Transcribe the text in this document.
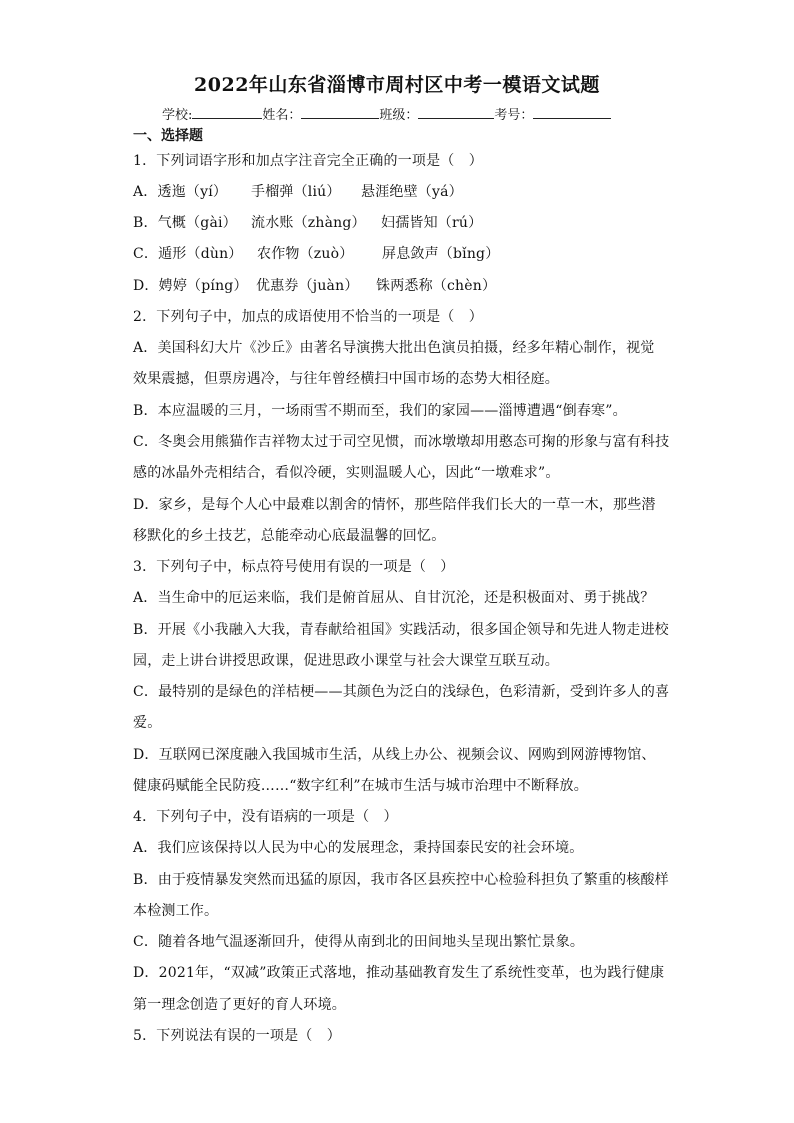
2022年山东省淄博市周村区中考一模语文试题
学校:	姓名：	班级：	考号：
一、选择题
1．下列词语字形和加点字注音完全正确的一项是（　）
A．透迤（yí） 手榴弹（liú） 悬涯绝壁（yá）
B．气概（gài） 流水账（zhàng） 妇孺皆知（rú）
C．遁形（dùn） 农作物（zuò） 屏息敛声（bǐng）
D．娉婷（píng） 优惠券（juàn） 铢两悉称（chèn）
2．下列句子中，加点的成语使用不恰当的一项是（　）
A．美国科幻大片《沙丘》由著名导演携大批出色演员拍摄，经多年精心制作，视觉
效果震撼，但票房遇冷，与往年曾经横扫中国市场的态势大相径庭。
B．本应温暖的三月，一场雨雪不期而至，我们的家园——淄博遭遇“倒春寒”。
C．冬奥会用熊猫作吉祥物太过于司空见惯，而冰墩墩却用憨态可掬的形象与富有科技
感的冰晶外壳相结合，看似冷硬，实则温暖人心，因此“一墩难求”。
D．家乡，是每个人心中最难以割舍的情怀，那些陪伴我们长大的一草一木，那些潜
移默化的乡土技艺，总能牵动心底最温馨的回忆。
3．下列句子中，标点符号使用有误的一项是（　）
A．当生命中的厄运来临，我们是俯首屈从、自甘沉沦，还是积极面对、勇于挑战？
B．开展《小我融入大我，青春献给祖国》实践活动，很多国企领导和先进人物走进校
园，走上讲台讲授思政课，促进思政小课堂与社会大课堂互联互动。
C．最特别的是绿色的洋桔梗——其颜色为泛白的浅绿色，色彩清新，受到许多人的喜
爱。
D．互联网已深度融入我国城市生活，从线上办公、视频会议、网购到网游博物馆、
健康码赋能全民防疫……“数字红利”在城市生活与城市治理中不断释放。
4．下列句子中，没有语病的一项是（　）
A．我们应该保持以人民为中心的发展理念，秉持国泰民安的社会环境。
B．由于疫情暴发突然而迅猛的原因，我市各区县疾控中心检验科担负了繁重的核酸样
本检测工作。
C．随着各地气温逐渐回升，使得从南到北的田间地头呈现出繁忙景象。
D．2021年，“双减”政策正式落地，推动基础教育发生了系统性变革，也为践行健康
第一理念创造了更好的育人环境。
5．下列说法有误的一项是（　）
